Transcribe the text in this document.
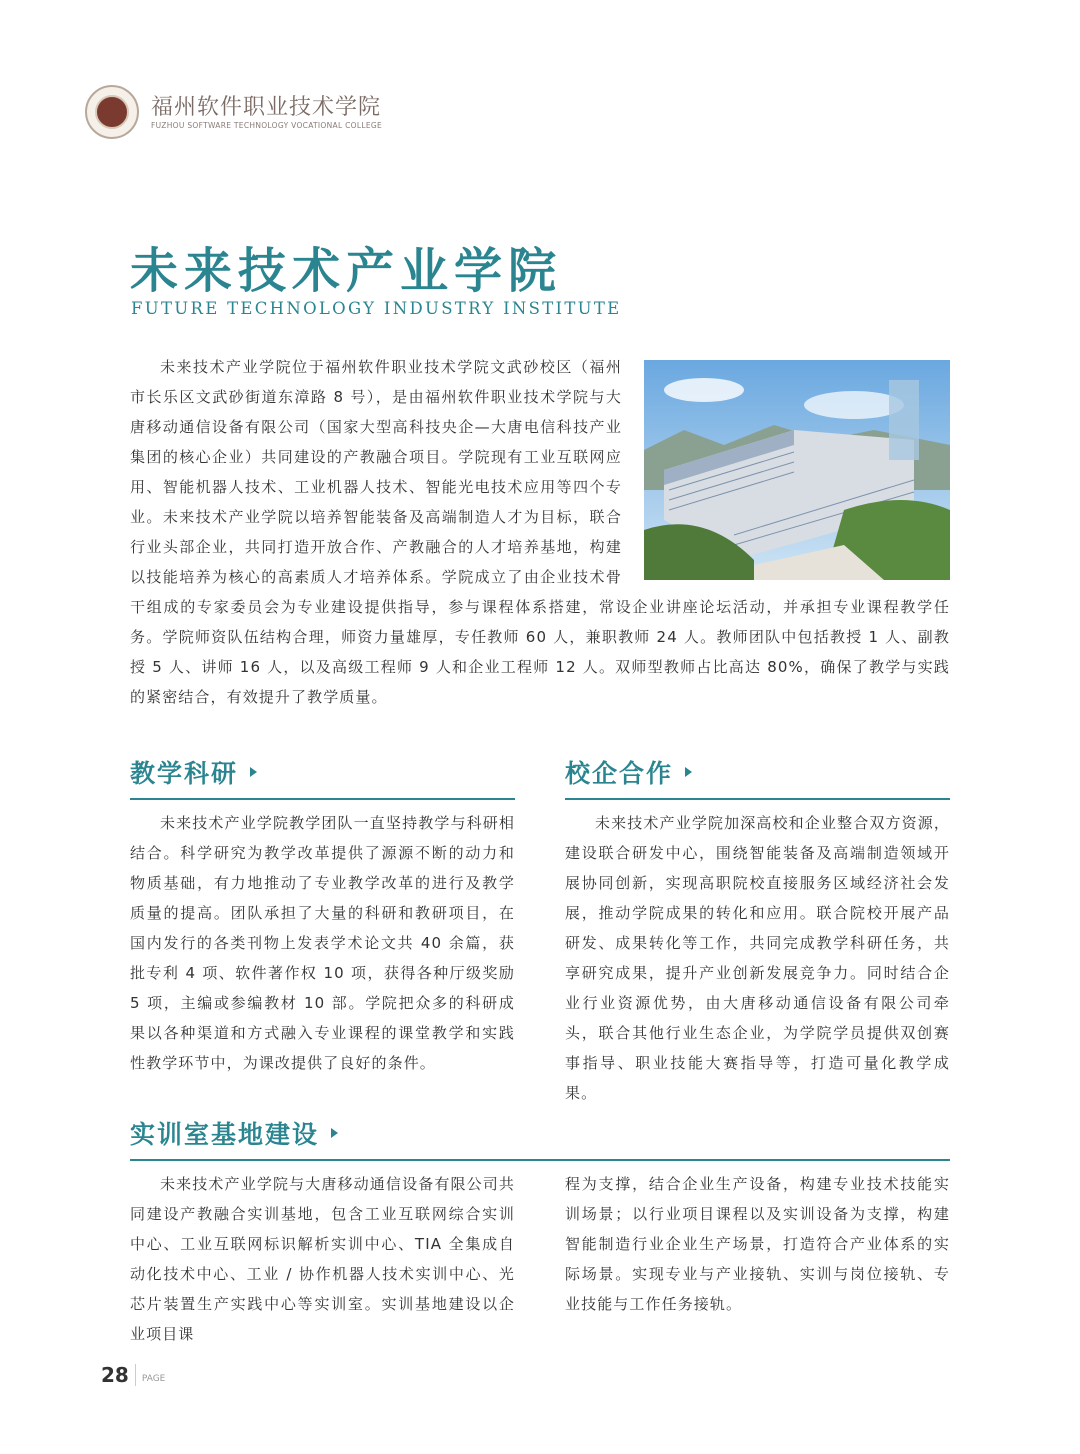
福州软件职业技术学院
FUZHOU SOFTWARE TECHNOLOGY VOCATIONAL COLLEGE
未来技术产业学院
FUTURE TECHNOLOGY INDUSTRY INSTITUTE

未来技术产业学院位于福州软件职业技术学院文武砂校区（福州市长乐区文武砂街道东漳路 8 号），是由福州软件职业技术学院与大唐移动通信设备有限公司（国家大型高科技央企—大唐电信科技产业集团的核心企业）共同建设的产教融合项目。学院现有工业互联网应用、智能机器人技术、工业机器人技术、智能光电技术应用等四个专业。未来技术产业学院以培养智能装备及高端制造人才为目标，联合行业头部企业，共同打造开放合作、产教融合的人才培养基地，构建以技能培养为核心的高素质人才培养体系。学院成立了由企业技术骨干组成的专家委员会为专业建设提供指导，参与课程体系搭建，常设企业讲座论坛活动，并承担专业课程教学任务。学院师资队伍结构合理，师资力量雄厚，专任教师 60 人，兼职教师 24 人。教师团队中包括教授 1 人、副教授 5 人、讲师 16 人，以及高级工程师 9 人和企业工程师 12 人。双师型教师占比高达 80%，确保了教学与实践的紧密结合，有效提升了教学质量。

教学科研

未来技术产业学院教学团队一直坚持教学与科研相结合。科学研究为教学改革提供了源源不断的动力和物质基础，有力地推动了专业教学改革的进行及教学质量的提高。团队承担了大量的科研和教研项目，在国内发行的各类刊物上发表学术论文共 40 余篇，获批专利 4 项、软件著作权 10 项，获得各种厅级奖励 5 项，主编或参编教材 10 部。学院把众多的科研成果以各种渠道和方式融入专业课程的课堂教学和实践性教学环节中，为课改提供了良好的条件。

校企合作

未来技术产业学院加深高校和企业整合双方资源，建设联合研发中心，围绕智能装备及高端制造领域开展协同创新，实现高职院校直接服务区域经济社会发展，推动学院成果的转化和应用。联合院校开展产品研发、成果转化等工作，共同完成教学科研任务，共享研究成果，提升产业创新发展竞争力。同时结合企业行业资源优势，由大唐移动通信设备有限公司牵头，联合其他行业生态企业，为学院学员提供双创赛事指导、职业技能大赛指导等，打造可量化教学成果。

实训室基地建设

未来技术产业学院与大唐移动通信设备有限公司共同建设产教融合实训基地，包含工业互联网综合实训中心、工业互联网标识解析实训中心、TIA 全集成自动化技术中心、工业 / 协作机器人技术实训中心、光芯片装置生产实践中心等实训室。实训基地建设以企业项目课

程为支撑，结合企业生产设备，构建专业技术技能实训场景；以行业项目课程以及实训设备为支撑，构建智能制造行业企业生产场景，打造符合产业体系的实际场景。实现专业与产业接轨、实训与岗位接轨、专业技能与工作任务接轨。

28 PAGE
